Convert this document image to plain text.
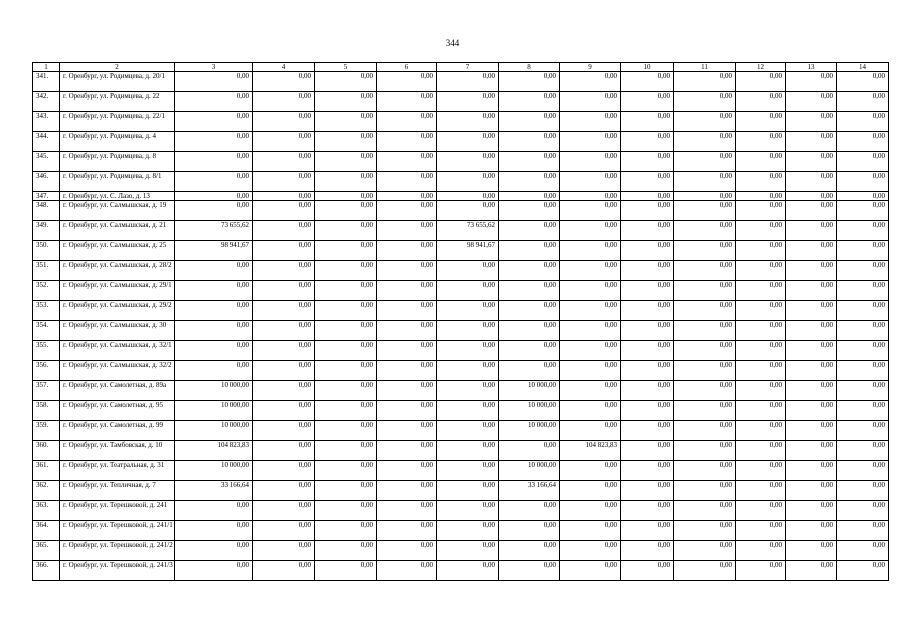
344
1	2	3	4	5	6	7	8	9	10	11	12	13	14
341.	г. Оренбург, ул. Родимцева, д. 20/1	0,00	0,00	0,00	0,00	0,00	0,00	0,00	0,00	0,00	0,00	0,00	0,00
342.	г. Оренбург, ул. Родимцева, д. 22	0,00	0,00	0,00	0,00	0,00	0,00	0,00	0,00	0,00	0,00	0,00	0,00
343.	г. Оренбург, ул. Родимцева, д. 22/1	0,00	0,00	0,00	0,00	0,00	0,00	0,00	0,00	0,00	0,00	0,00	0,00
344.	г. Оренбург, ул. Родимцева, д. 4	0,00	0,00	0,00	0,00	0,00	0,00	0,00	0,00	0,00	0,00	0,00	0,00
345.	г. Оренбург, ул. Родимцева, д. 8	0,00	0,00	0,00	0,00	0,00	0,00	0,00	0,00	0,00	0,00	0,00	0,00
346.	г. Оренбург, ул. Родимцева, д. 8/1	0,00	0,00	0,00	0,00	0,00	0,00	0,00	0,00	0,00	0,00	0,00	0,00
347.	г. Оренбург, ул. С. Лазо, д. 13	0,00	0,00	0,00	0,00	0,00	0,00	0,00	0,00	0,00	0,00	0,00	0,00
348.	г. Оренбург, ул. Салмышская, д. 19	0,00	0,00	0,00	0,00	0,00	0,00	0,00	0,00	0,00	0,00	0,00	0,00
349.	г. Оренбург, ул. Салмышская, д. 21	73 655,62	0,00	0,00	0,00	73 655,62	0,00	0,00	0,00	0,00	0,00	0,00	0,00
350.	г. Оренбург, ул. Салмышская, д. 25	98 941,67	0,00	0,00	0,00	98 941,67	0,00	0,00	0,00	0,00	0,00	0,00	0,00
351.	г. Оренбург, ул. Салмышская, д. 28/2	0,00	0,00	0,00	0,00	0,00	0,00	0,00	0,00	0,00	0,00	0,00	0,00
352.	г. Оренбург, ул. Салмышская, д. 29/1	0,00	0,00	0,00	0,00	0,00	0,00	0,00	0,00	0,00	0,00	0,00	0,00
353.	г. Оренбург, ул. Салмышская, д. 29/2	0,00	0,00	0,00	0,00	0,00	0,00	0,00	0,00	0,00	0,00	0,00	0,00
354.	г. Оренбург, ул. Салмышская, д. 30	0,00	0,00	0,00	0,00	0,00	0,00	0,00	0,00	0,00	0,00	0,00	0,00
355.	г. Оренбург, ул. Салмышская, д. 32/1	0,00	0,00	0,00	0,00	0,00	0,00	0,00	0,00	0,00	0,00	0,00	0,00
356.	г. Оренбург, ул. Салмышская, д. 32/2	0,00	0,00	0,00	0,00	0,00	0,00	0,00	0,00	0,00	0,00	0,00	0,00
357.	г. Оренбург, ул. Самолетная, д. 89а	10 000,00	0,00	0,00	0,00	0,00	10 000,00	0,00	0,00	0,00	0,00	0,00	0,00
358.	г. Оренбург, ул. Самолетная, д. 95	10 000,00	0,00	0,00	0,00	0,00	10 000,00	0,00	0,00	0,00	0,00	0,00	0,00
359.	г. Оренбург, ул. Самолетная, д. 99	10 000,00	0,00	0,00	0,00	0,00	10 000,00	0,00	0,00	0,00	0,00	0,00	0,00
360.	г. Оренбург, ул. Тамбовская, д. 10	104 823,83	0,00	0,00	0,00	0,00	0,00	104 823,83	0,00	0,00	0,00	0,00	0,00
361.	г. Оренбург, ул. Театральная, д. 31	10 000,00	0,00	0,00	0,00	0,00	10 000,00	0,00	0,00	0,00	0,00	0,00	0,00
362.	г. Оренбург, ул. Тепличная, д. 7	33 166,64	0,00	0,00	0,00	0,00	33 166,64	0,00	0,00	0,00	0,00	0,00	0,00
363.	г. Оренбург, ул. Терешковой, д. 241	0,00	0,00	0,00	0,00	0,00	0,00	0,00	0,00	0,00	0,00	0,00	0,00
364.	г. Оренбург, ул. Терешковой, д. 241/1	0,00	0,00	0,00	0,00	0,00	0,00	0,00	0,00	0,00	0,00	0,00	0,00
365.	г. Оренбург, ул. Терешковой, д. 241/2	0,00	0,00	0,00	0,00	0,00	0,00	0,00	0,00	0,00	0,00	0,00	0,00
366.	г. Оренбург, ул. Терешковой, д. 241/3	0,00	0,00	0,00	0,00	0,00	0,00	0,00	0,00	0,00	0,00	0,00	0,00
